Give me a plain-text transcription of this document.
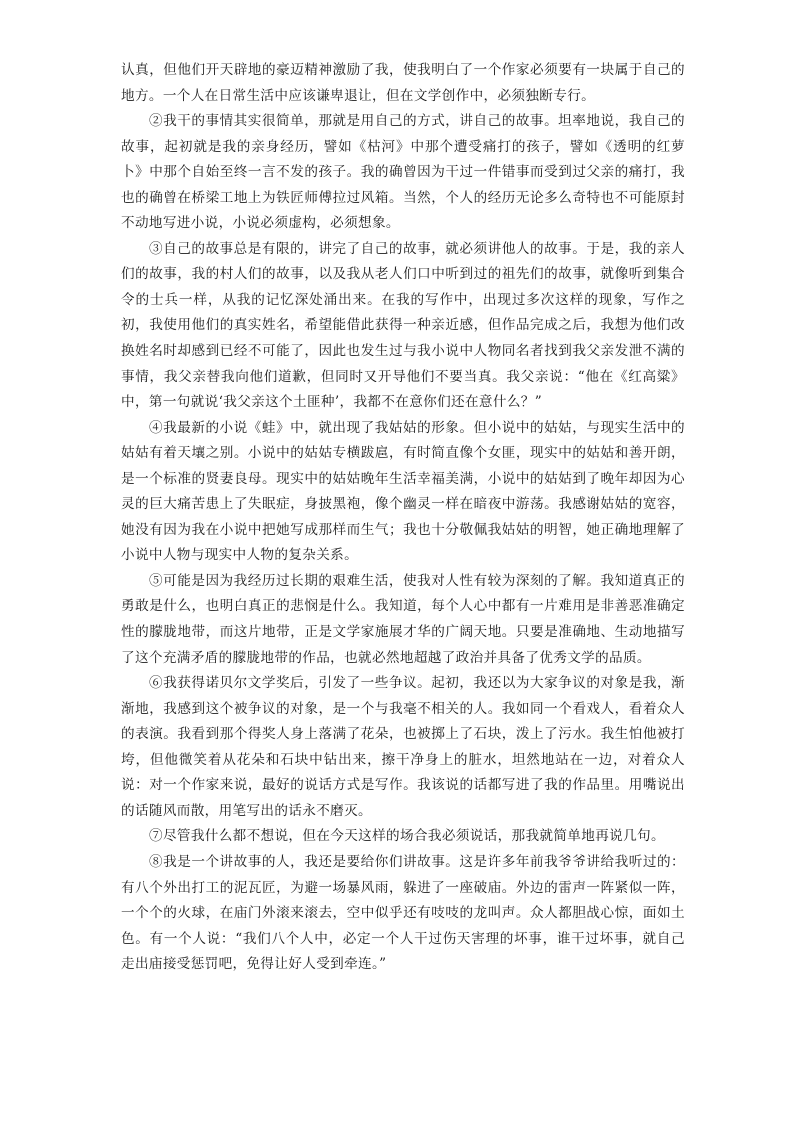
认真，但他们开天辟地的豪迈精神激励了我，使我明白了一个作家必须要有一块属于自己的地方。一个人在日常生活中应该谦卑退让，但在文学创作中，必须独断专行。

②我干的事情其实很简单，那就是用自己的方式，讲自己的故事。坦率地说，我自己的故事，起初就是我的亲身经历，譬如《枯河》中那个遭受痛打的孩子，譬如《透明的红萝卜》中那个自始至终一言不发的孩子。我的确曾因为干过一件错事而受到过父亲的痛打，我也的确曾在桥梁工地上为铁匠师傅拉过风箱。当然，个人的经历无论多么奇特也不可能原封不动地写进小说，小说必须虚构，必须想象。

③自己的故事总是有限的，讲完了自己的故事，就必须讲他人的故事。于是，我的亲人们的故事，我的村人们的故事，以及我从老人们口中听到过的祖先们的故事，就像听到集合令的士兵一样，从我的记忆深处涌出来。在我的写作中，出现过多次这样的现象，写作之初，我使用他们的真实姓名，希望能借此获得一种亲近感，但作品完成之后，我想为他们改换姓名时却感到已经不可能了，因此也发生过与我小说中人物同名者找到我父亲发泄不满的事情，我父亲替我向他们道歉，但同时又开导他们不要当真。我父亲说：“他在《红高粱》中，第一句就说‘我父亲这个土匪种’，我都不在意你们还在意什么？”

④我最新的小说《蛙》中，就出现了我姑姑的形象。但小说中的姑姑，与现实生活中的姑姑有着天壤之别。小说中的姑姑专横跋扈，有时简直像个女匪，现实中的姑姑和善开朗，是一个标准的贤妻良母。现实中的姑姑晚年生活幸福美满，小说中的姑姑到了晚年却因为心灵的巨大痛苦患上了失眠症，身披黑袍，像个幽灵一样在暗夜中游荡。我感谢姑姑的宽容，她没有因为我在小说中把她写成那样而生气；我也十分敬佩我姑姑的明智，她正确地理解了小说中人物与现实中人物的复杂关系。

⑤可能是因为我经历过长期的艰难生活，使我对人性有较为深刻的了解。我知道真正的勇敢是什么，也明白真正的悲悯是什么。我知道，每个人心中都有一片难用是非善恶准确定性的朦胧地带，而这片地带，正是文学家施展才华的广阔天地。只要是准确地、生动地描写了这个充满矛盾的朦胧地带的作品，也就必然地超越了政治并具备了优秀文学的品质。

⑥我获得诺贝尔文学奖后，引发了一些争议。起初，我还以为大家争议的对象是我，渐渐地，我感到这个被争议的对象，是一个与我毫不相关的人。我如同一个看戏人，看着众人的表演。我看到那个得奖人身上落满了花朵，也被掷上了石块，泼上了污水。我生怕他被打垮，但他微笑着从花朵和石块中钻出来，擦干净身上的脏水，坦然地站在一边，对着众人说：对一个作家来说，最好的说话方式是写作。我该说的话都写进了我的作品里。用嘴说出的话随风而散，用笔写出的话永不磨灭。

⑦尽管我什么都不想说，但在今天这样的场合我必须说话，那我就简单地再说几句。

⑧我是一个讲故事的人，我还是要给你们讲故事。这是许多年前我爷爷讲给我听过的：有八个外出打工的泥瓦匠，为避一场暴风雨，躲进了一座破庙。外边的雷声一阵紧似一阵，一个个的火球，在庙门外滚来滚去，空中似乎还有吱吱的龙叫声。众人都胆战心惊，面如土色。有一个人说：“我们八个人中，必定一个人干过伤天害理的坏事，谁干过坏事，就自己走出庙接受惩罚吧，免得让好人受到牵连。”
